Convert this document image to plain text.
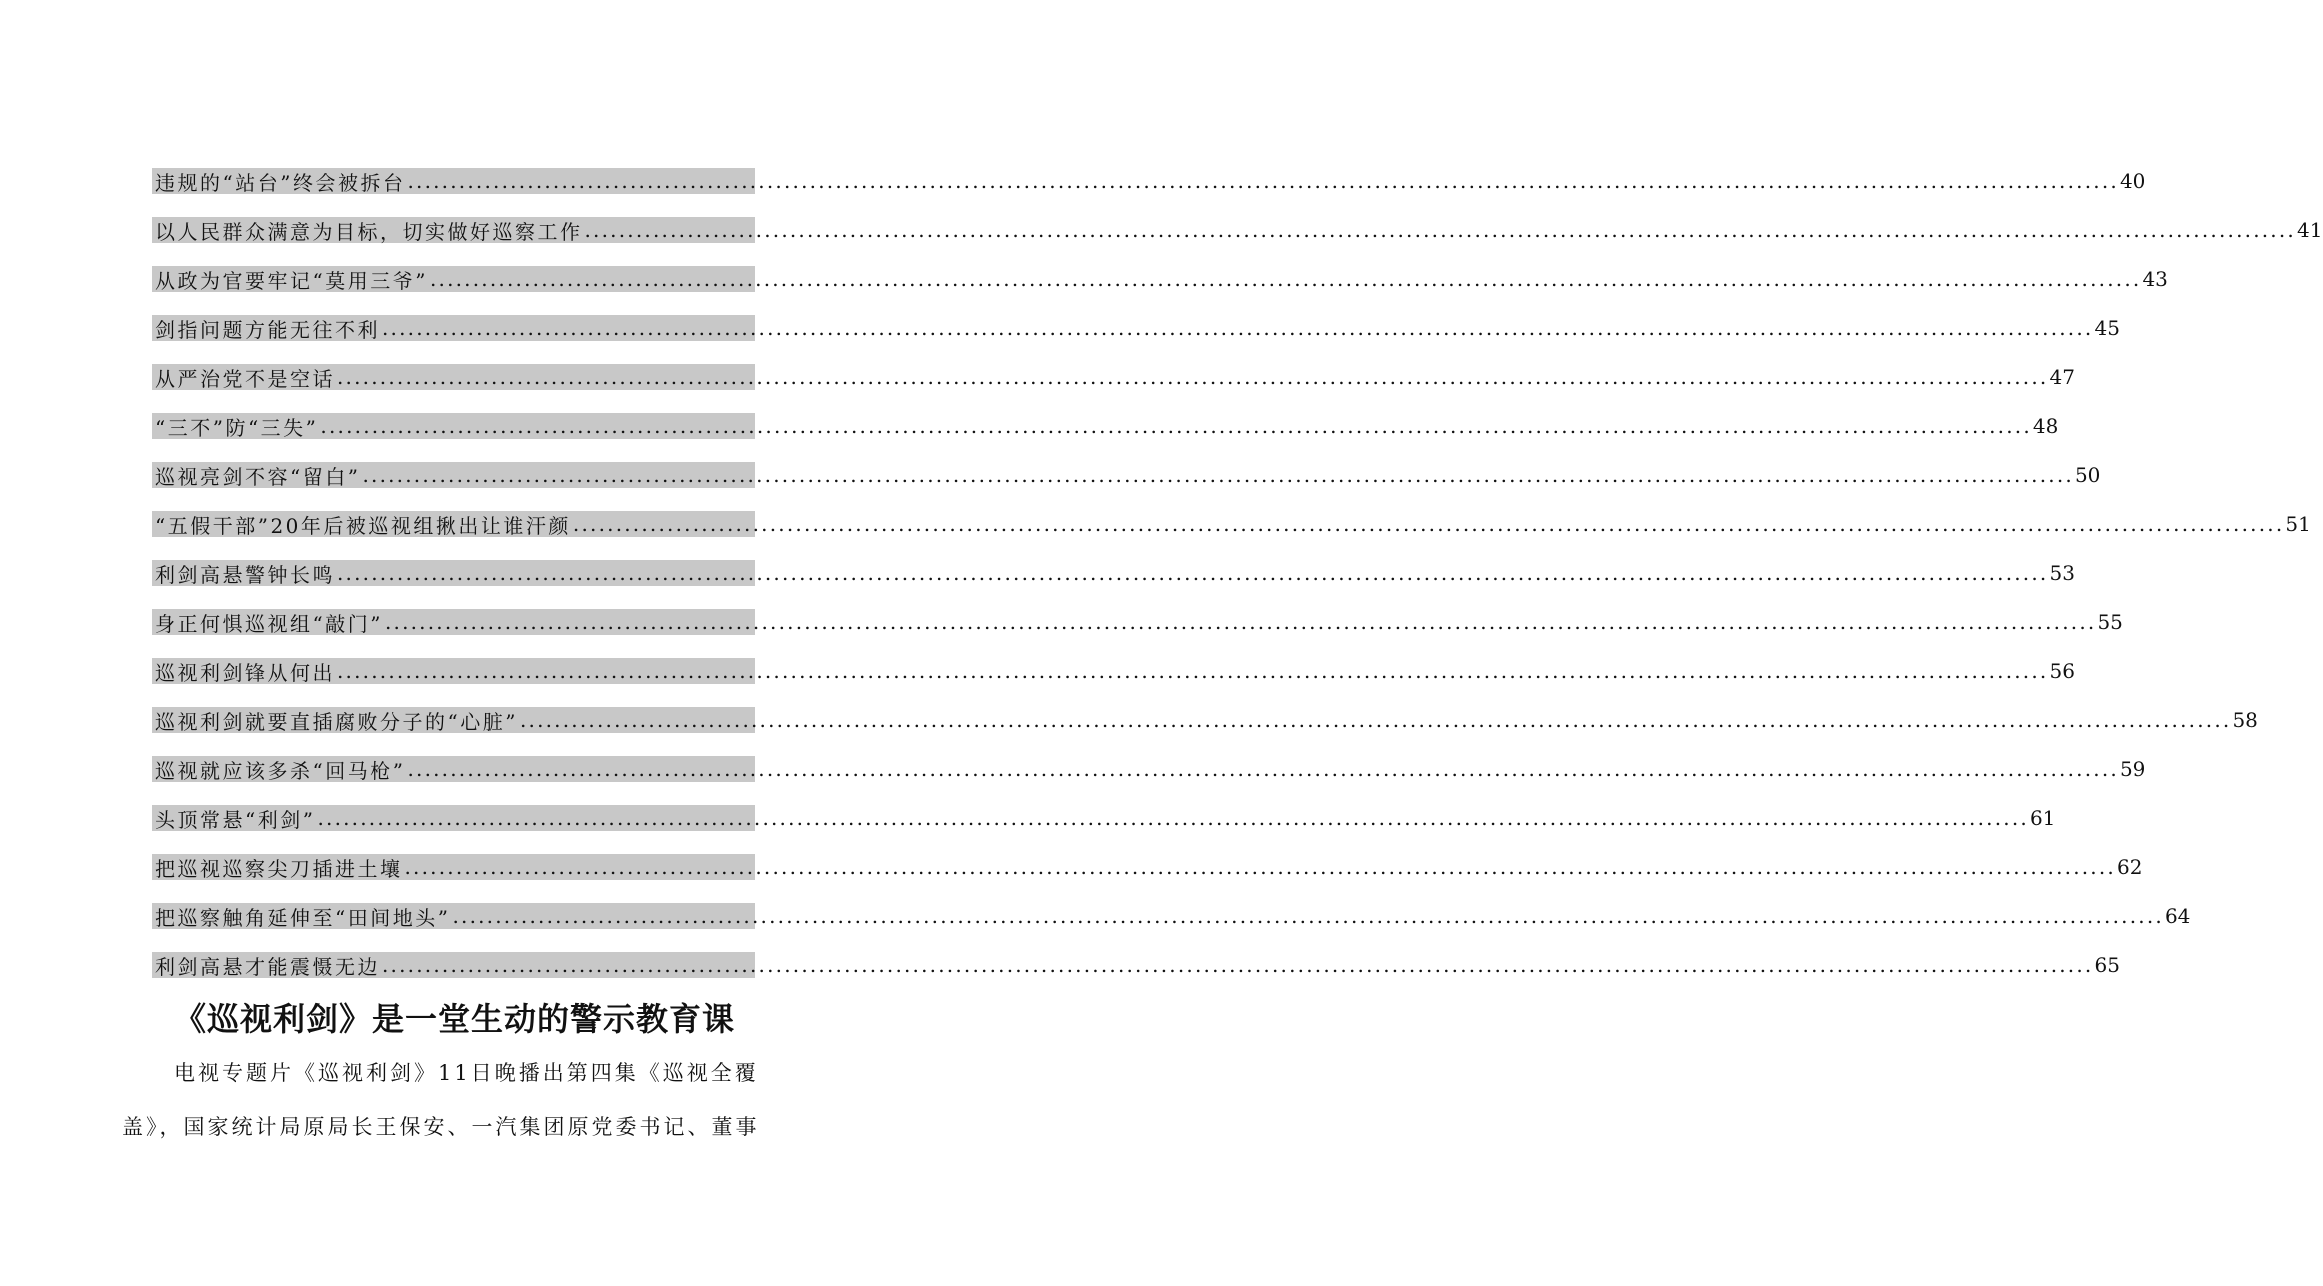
违规的“站台”终会被拆台 ........................................................................................................................................................................................................ 40
以人民群众满意为目标，切实做好巡察工作 ........................................................................................................................................................................................................ 41
从政为官要牢记“莫用三爷” ........................................................................................................................................................................................................ 43
剑指问题方能无往不利 ........................................................................................................................................................................................................ 45
从严治党不是空话 ........................................................................................................................................................................................................ 47
“三不”防“三失” ........................................................................................................................................................................................................ 48
巡视亮剑不容“留白” ........................................................................................................................................................................................................ 50
“五假干部”20年后被巡视组揪出让谁汗颜 ........................................................................................................................................................................................................ 51
利剑高悬警钟长鸣 ........................................................................................................................................................................................................ 53
身正何惧巡视组“敲门” ........................................................................................................................................................................................................ 55
巡视利剑锋从何出 ........................................................................................................................................................................................................ 56
巡视利剑就要直插腐败分子的“心脏” ........................................................................................................................................................................................................ 58
巡视就应该多杀“回马枪” ........................................................................................................................................................................................................ 59
头顶常悬“利剑” ........................................................................................................................................................................................................ 61
把巡视巡察尖刀插进土壤 ........................................................................................................................................................................................................ 62
把巡察触角延伸至“田间地头” ........................................................................................................................................................................................................ 64
利剑高悬才能震慑无边 ........................................................................................................................................................................................................ 65
《巡视利剑》是一堂生动的警示教育课

电视专题片《巡视利剑》11日晚播出第四集《巡视全覆盖》，国家统计局原局长王保安、一汽集团原党委书记、董事
